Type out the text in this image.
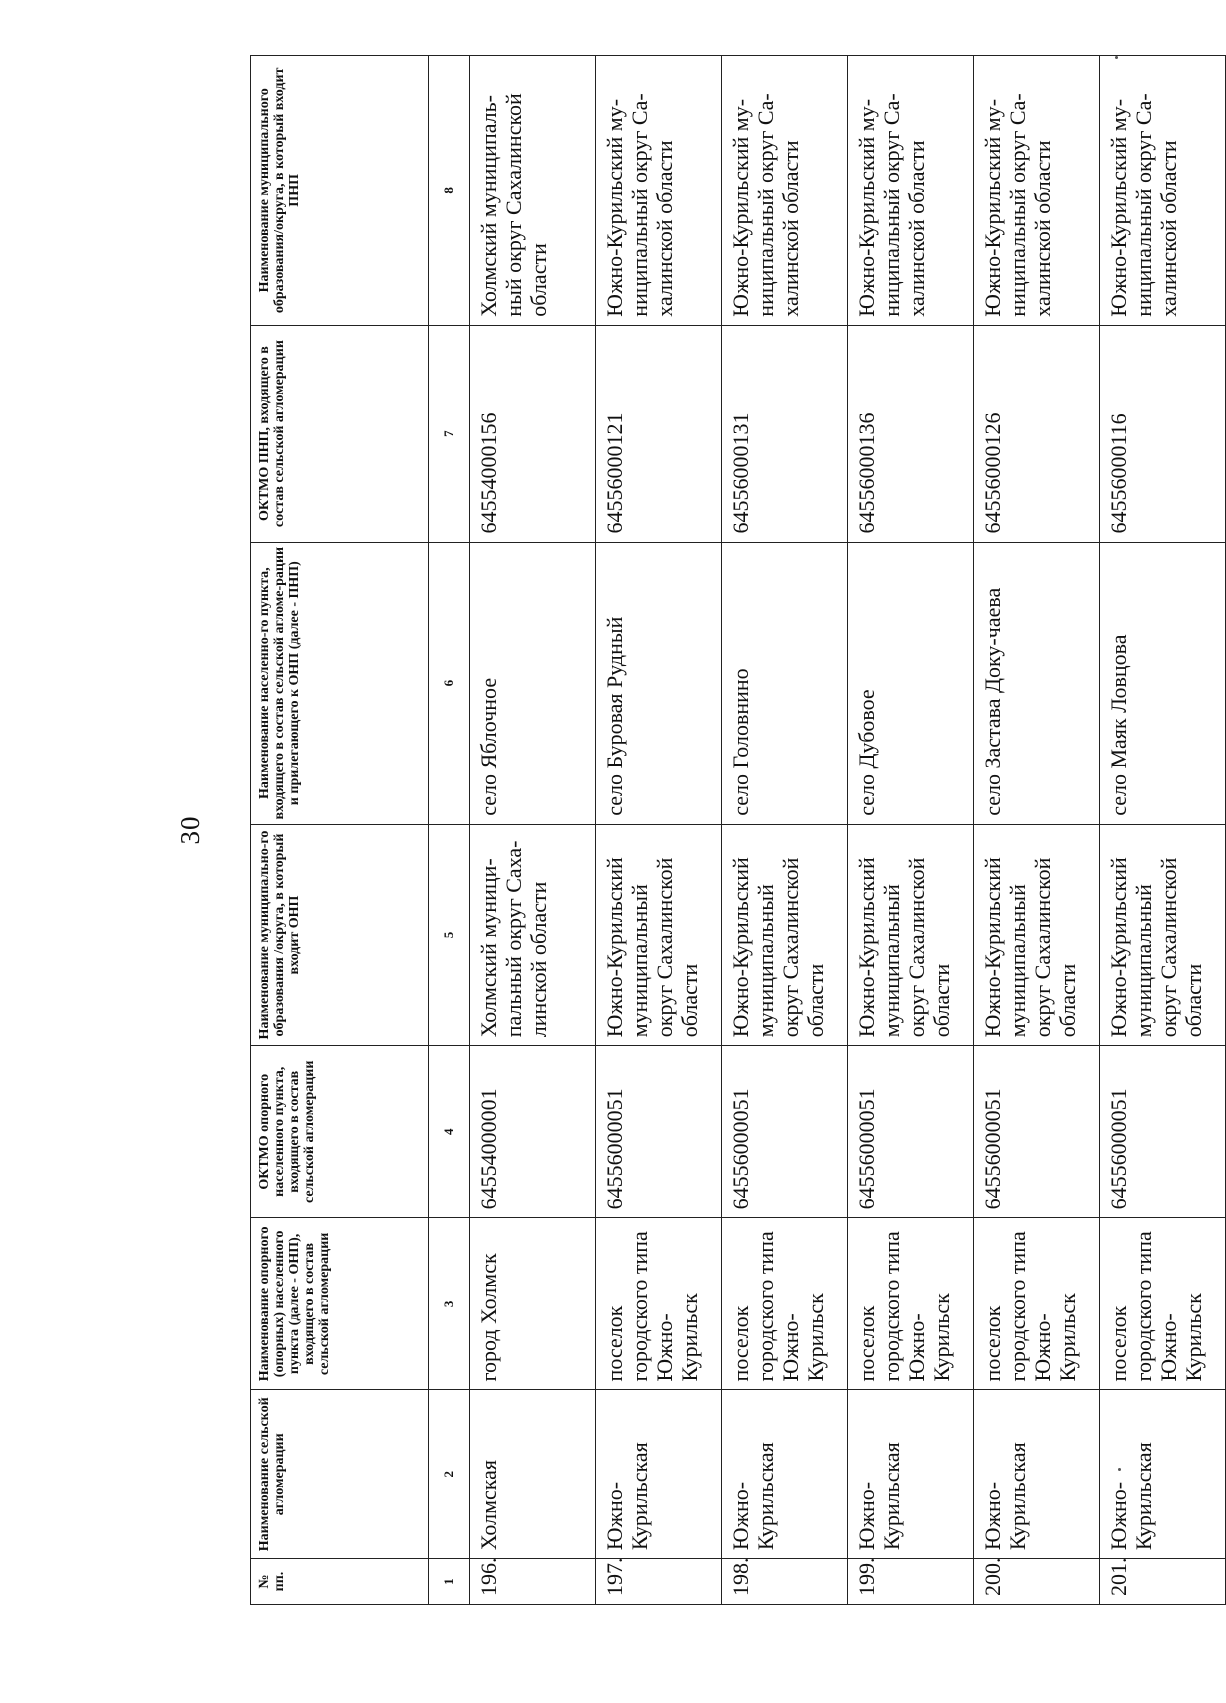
30
№ пп.	Наименование сельской агломерации	Наименование опорного (опорных) населенного пункта (далее - ОНП), входящего в состав сельской агломерации	ОКТМО опорного населенного пункта, входящего в состав сельской агломерации	Наименование муниципально-го образования /округа, в который входит ОНП	Наименование населенно-го пункта, входящего в состав сельской агломе-рации и прилегающего к ОНП (далее - ПНП)	ОКТМО ПНП, входящего в состав сельской агломерации	Наименование муниципального образования/округа, в который входит ПНП
1	2	3	4	5	6	7	8
196.	Холмская	город Холмск	64554000001	Холмский муници-пальный округ Саха-линской области	село Яблочное	64554000156	Холмский муниципаль-ный округ Сахалинской области
197.	Южно-Курильская	поселок городского типа Южно-Курильск	64556000051	Южно-Курильский муниципальный округ Сахалинской области	село Буровая Рудный	64556000121	Южно-Курильский му-ниципальный округ Са-халинской области
198.	Южно-Курильская	поселок городского типа Южно-Курильск	64556000051	Южно-Курильский муниципальный округ Сахалинской области	село Головнино	64556000131	Южно-Курильский му-ниципальный округ Са-халинской области
199.	Южно-Курильская	поселок городского типа Южно-Курильск	64556000051	Южно-Курильский муниципальный округ Сахалинской области	село Дубовое	64556000136	Южно-Курильский му-ниципальный округ Са-халинской области
200.	Южно-Курильская	поселок городского типа Южно-Курильск	64556000051	Южно-Курильский муниципальный округ Сахалинской области	село Застава Доку-чаева	64556000126	Южно-Курильский му-ниципальный округ Са-халинской области
201.	Южно-Курильская	поселок городского типа Южно-Курильск	64556000051	Южно-Курильский муниципальный округ Сахалинской области	село Маяк Ловцова	64556000116	Южно-Курильский му-ниципальный округ Са-халинской области
